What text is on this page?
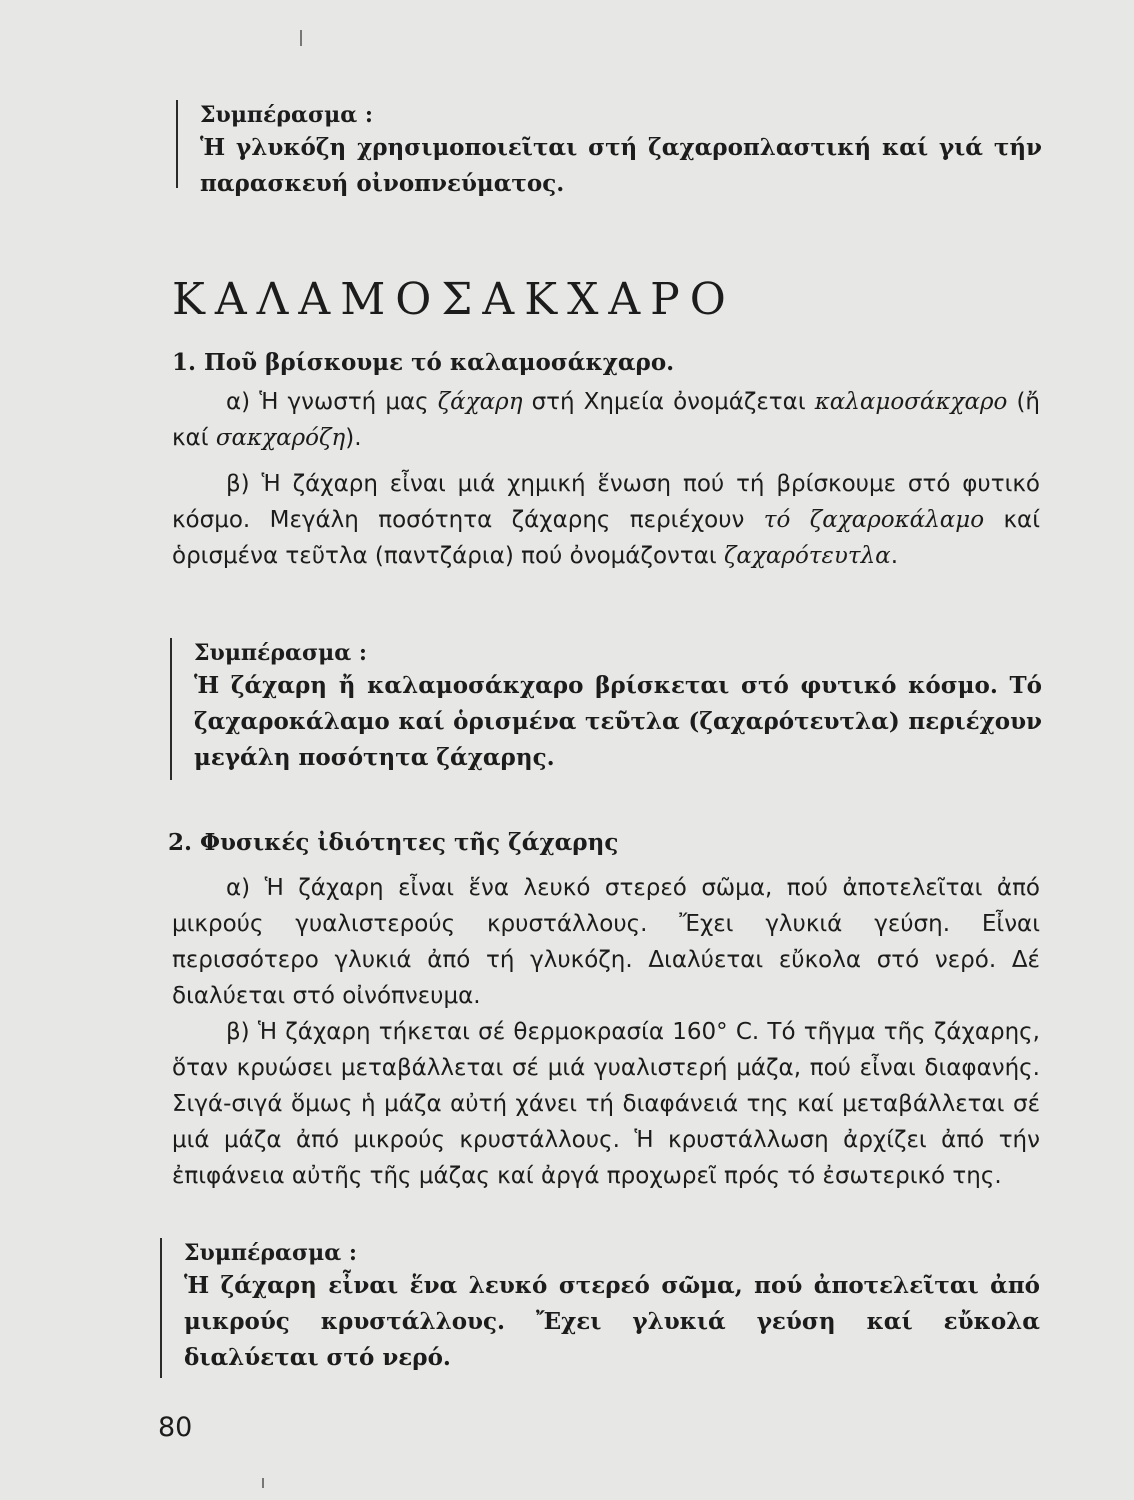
Συμπέρασμα :
Ἡ γλυκόζη χρησιμοποιεῖται στή ζαχαροπλαστική καί γιά τήν παρασκευή οἰνοπνεύματος.
ΚΑΛΑΜΟΣΑΚΧΑΡΟ
1. Ποῦ βρίσκουμε τό καλαμοσάκχαρο.
α) Ἡ γνωστή μας ζάχαρη στή Χημεία ὀνομάζεται καλαμοσάκχαρο (ἤ καί σακχαρόζη).
β) Ἡ ζάχαρη εἶναι μιά χημική ἕνωση πού τή βρίσκουμε στό φυτικό κόσμο. Μεγάλη ποσότητα ζάχαρης περιέχουν τό ζαχαροκάλαμο καί ὁρισμένα τεῦτλα (παντζάρια) πού ὀνομάζονται ζαχαρότευτλα.
Συμπέρασμα :
Ἡ ζάχαρη ἤ καλαμοσάκχαρο βρίσκεται στό φυτικό κόσμο. Τό ζαχαροκάλαμο καί ὁρισμένα τεῦτλα (ζαχαρότευτλα) περιέχουν μεγάλη ποσότητα ζάχαρης.
2. Φυσικές ἰδιότητες τῆς ζάχαρης
α) Ἡ ζάχαρη εἶναι ἕνα λευκό στερεό σῶμα, πού ἀποτελεῖται ἀπό μικρούς γυαλιστερούς κρυστάλλους. Ἔχει γλυκιά γεύση. Εἶναι περισσότερο γλυκιά ἀπό τή γλυκόζη. Διαλύεται εὔκολα στό νερό. Δέ διαλύεται στό οἰνόπνευμα.
β) Ἡ ζάχαρη τήκεται σέ θερμοκρασία 160° C. Τό τῆγμα τῆς ζάχαρης, ὅταν κρυώσει μεταβάλλεται σέ μιά γυαλιστερή μάζα, πού εἶναι διαφανής. Σιγά-σιγά ὅμως ἡ μάζα αὐτή χάνει τή διαφάνειά της καί μεταβάλλεται σέ μιά μάζα ἀπό μικρούς κρυστάλλους. Ἡ κρυστάλλωση ἀρχίζει ἀπό τήν ἐπιφάνεια αὐτῆς τῆς μάζας καί ἀργά προχωρεῖ πρός τό ἐσωτερικό της.
Συμπέρασμα :
Ἡ ζάχαρη εἶναι ἕνα λευκό στερεό σῶμα, πού ἀποτελεῖται ἀπό μικρούς κρυστάλλους. Ἔχει γλυκιά γεύση καί εὔκολα διαλύεται στό νερό.
80
